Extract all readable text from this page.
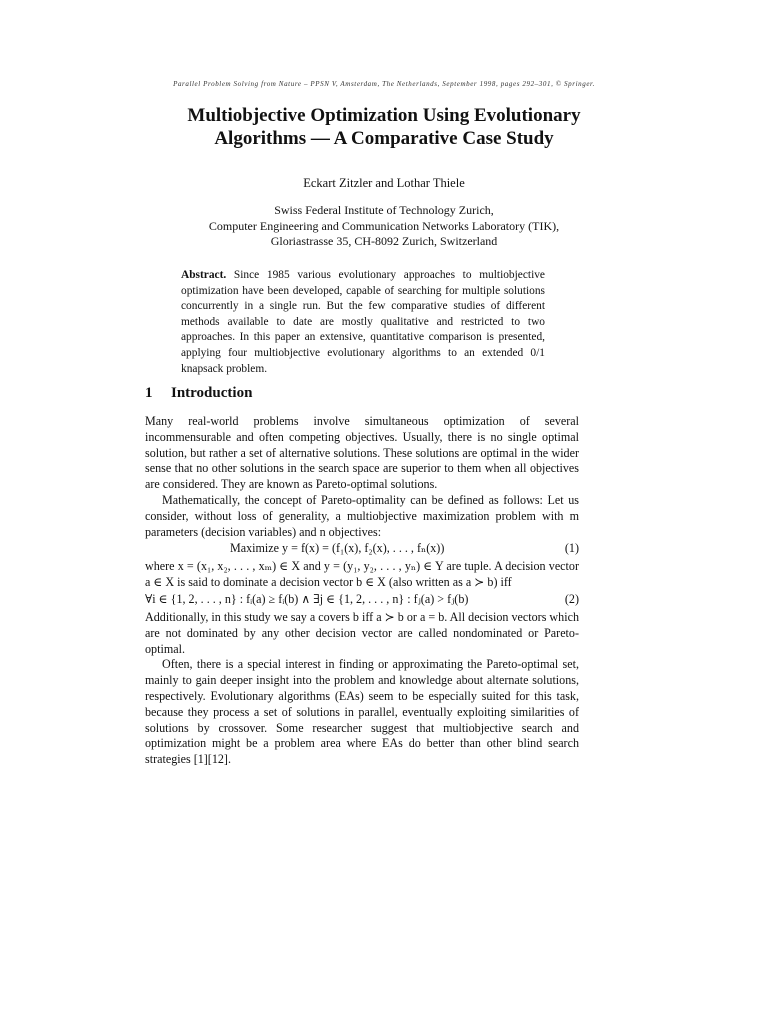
Parallel Problem Solving from Nature – PPSN V, Amsterdam, The Netherlands, September 1998, pages 292–301, © Springer.
Multiobjective Optimization Using Evolutionary
Algorithms — A Comparative Case Study
Eckart Zitzler and Lothar Thiele
Swiss Federal Institute of Technology Zurich,
Computer Engineering and Communication Networks Laboratory (TIK),
Gloriastrasse 35, CH-8092 Zurich, Switzerland
Abstract. Since 1985 various evolutionary approaches to multiobjective optimization have been developed, capable of searching for multiple solutions concurrently in a single run. But the few comparative studies of different methods available to date are mostly qualitative and restricted to two approaches. In this paper an extensive, quantitative comparison is presented, applying four multiobjective evolutionary algorithms to an extended 0/1 knapsack problem.
1 Introduction

Many real-world problems involve simultaneous optimization of several incommensurable and often competing objectives. Usually, there is no single optimal solution, but rather a set of alternative solutions. These solutions are optimal in the wider sense that no other solutions in the search space are superior to them when all objectives are considered. They are known as Pareto-optimal solutions.

Mathematically, the concept of Pareto-optimality can be defined as follows: Let us consider, without loss of generality, a multiobjective maximization problem with m parameters (decision variables) and n objectives:

Maximize y = f(x) = (f₁(x), f₂(x), . . . , fₙ(x))	(1)

where x = (x₁, x₂, . . . , xₘ) ∈ X and y = (y₁, y₂, . . . , yₙ) ∈ Y are tuple. A decision vector a ∈ X is said to dominate a decision vector b ∈ X (also written as a ≻ b) iff

∀i ∈ {1, 2, . . . , n} : fᵢ(a) ≥ fᵢ(b) ∧ ∃j ∈ {1, 2, . . . , n} : fⱼ(a) > fⱼ(b)	(2)

Additionally, in this study we say a covers b iff a ≻ b or a = b. All decision vectors which are not dominated by any other decision vector are called nondominated or Pareto-optimal.

Often, there is a special interest in finding or approximating the Pareto-optimal set, mainly to gain deeper insight into the problem and knowledge about alternate solutions, respectively. Evolutionary algorithms (EAs) seem to be especially suited for this task, because they process a set of solutions in parallel, eventually exploiting similarities of solutions by crossover. Some researcher suggest that multiobjective search and optimization might be a problem area where EAs do better than other blind search strategies [1][12].
